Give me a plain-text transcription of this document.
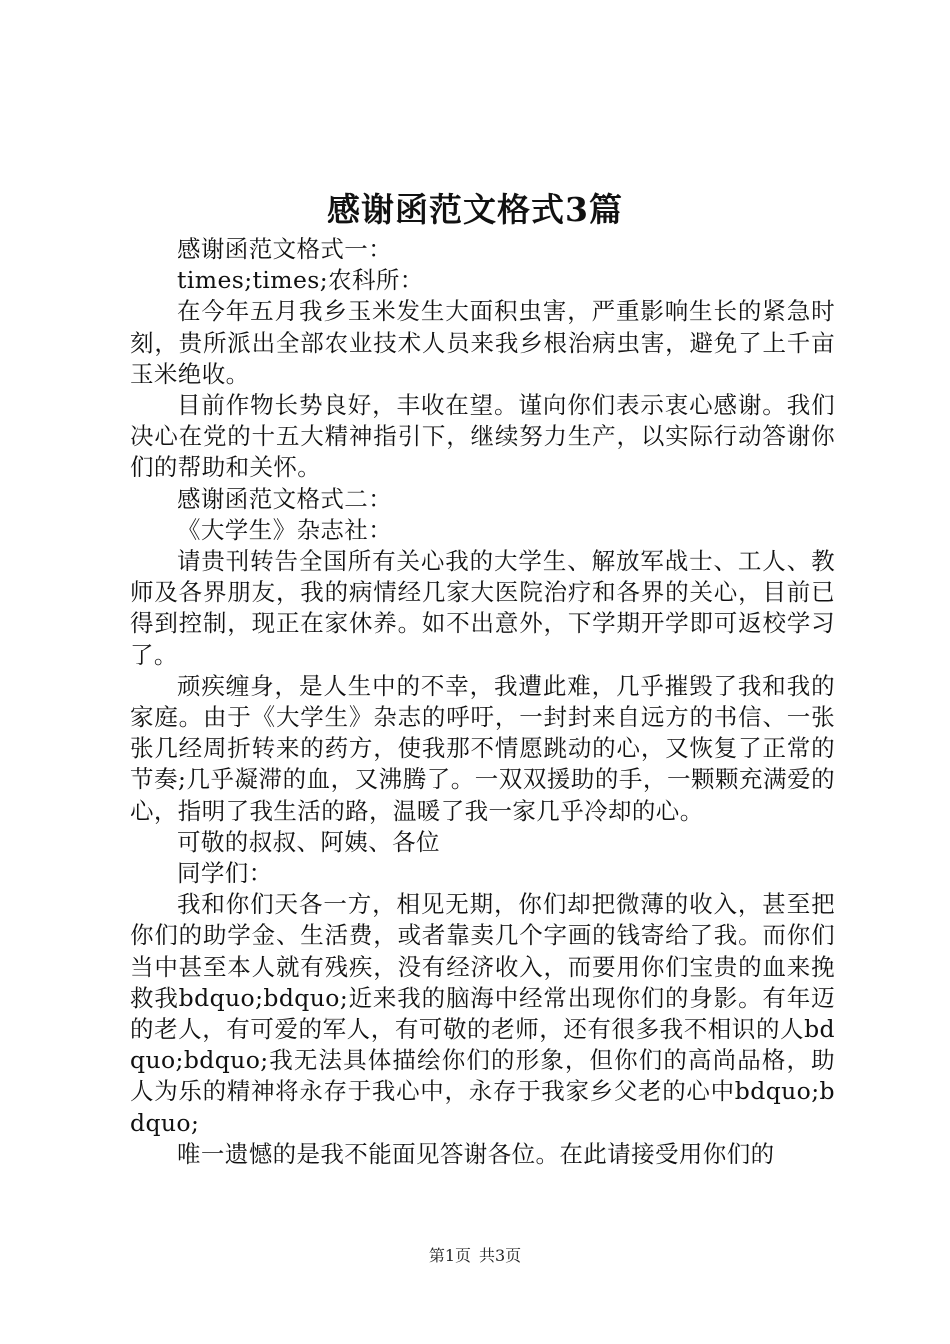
感谢函范文格式3篇

感谢函范文格式一：

times;times;农科所：

在今年五月我乡玉米发生大面积虫害，严重影响生长的紧急时刻，贵所派出全部农业技术人员来我乡根治病虫害，避免了上千亩玉米绝收。

目前作物长势良好，丰收在望。谨向你们表示衷心感谢。我们决心在党的十五大精神指引下，继续努力生产，以实际行动答谢你们的帮助和关怀。

感谢函范文格式二：

《大学生》杂志社：

请贵刊转告全国所有关心我的大学生、解放军战士、工人、教师及各界朋友，我的病情经几家大医院治疗和各界的关心，目前已得到控制，现正在家休养。如不出意外，下学期开学即可返校学习了。

顽疾缠身，是人生中的不幸，我遭此难，几乎摧毁了我和我的家庭。由于《大学生》杂志的呼吁，一封封来自远方的书信、一张张几经周折转来的药方，使我那不情愿跳动的心，又恢复了正常的节奏;几乎凝滞的血，又沸腾了。一双双援助的手，一颗颗充满爱的心，指明了我生活的路，温暖了我一家几乎冷却的心。

可敬的叔叔、阿姨、各位

同学们：

我和你们天各一方，相见无期，你们却把微薄的收入，甚至把你们的助学金、生活费，或者靠卖几个字画的钱寄给了我。而你们当中甚至本人就有残疾，没有经济收入，而要用你们宝贵的血来挽救我bdquo;bdquo;近来我的脑海中经常出现你们的身影。有年迈的老人，有可爱的军人，有可敬的老师，还有很多我不相识的人bdquo;bdquo;我无法具体描绘你们的形象，但你们的高尚品格，助人为乐的精神将永存于我心中，永存于我家乡父老的心中bdquo;bdquo;

唯一遗憾的是我不能面见答谢各位。在此请接受用你们的

第1页 共3页
